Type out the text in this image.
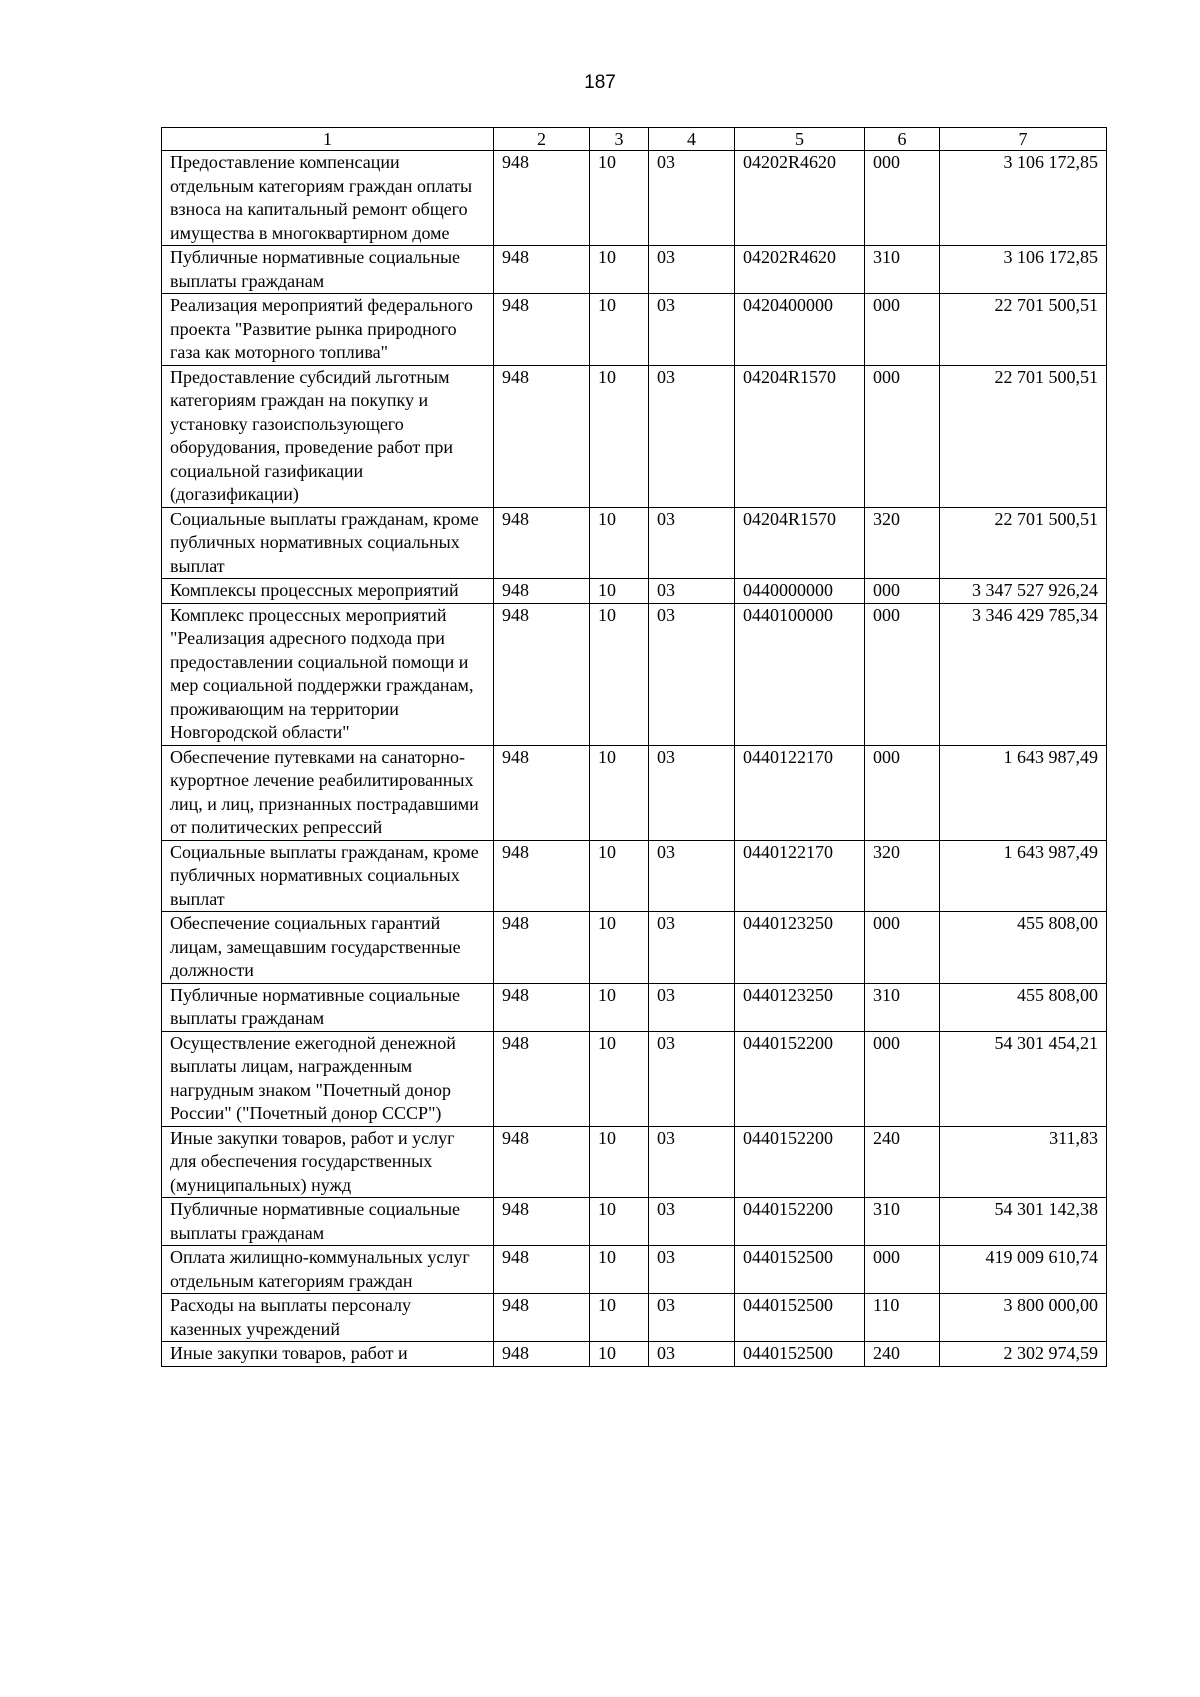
187
1	2	3	4	5	6	7
Предоставление компенсации отдельным категориям граждан оплаты взноса на капитальный ремонт общего имущества в многоквартирном доме	948	10	03	04202R4620	000	3 106 172,85
Публичные нормативные социальные выплаты гражданам	948	10	03	04202R4620	310	3 106 172,85
Реализация мероприятий федерального проекта "Развитие рынка природного газа как моторного топлива"	948	10	03	0420400000	000	22 701 500,51
Предоставление субсидий льготным категориям граждан на покупку и установку газоиспользующего оборудования, проведение работ при социальной газификации (догазификации)	948	10	03	04204R1570	000	22 701 500,51
Социальные выплаты гражданам, кроме публичных нормативных социальных выплат	948	10	03	04204R1570	320	22 701 500,51
Комплексы процессных мероприятий	948	10	03	0440000000	000	3 347 527 926,24
Комплекс процессных мероприятий "Реализация адресного подхода при предоставлении социальной помощи и мер социальной поддержки гражданам, проживающим на территории Новгородской области"	948	10	03	0440100000	000	3 346 429 785,34
Обеспечение путевками на санаторно-курортное лечение реабилитированных лиц, и лиц, признанных пострадавшими от политических репрессий	948	10	03	0440122170	000	1 643 987,49
Социальные выплаты гражданам, кроме публичных нормативных социальных выплат	948	10	03	0440122170	320	1 643 987,49
Обеспечение социальных гарантий лицам, замещавшим государственные должности	948	10	03	0440123250	000	455 808,00
Публичные нормативные социальные выплаты гражданам	948	10	03	0440123250	310	455 808,00
Осуществление ежегодной денежной выплаты лицам, награжденным нагрудным знаком "Почетный донор России" ("Почетный донор СССР")	948	10	03	0440152200	000	54 301 454,21
Иные закупки товаров, работ и услуг для обеспечения государственных (муниципальных) нужд	948	10	03	0440152200	240	311,83
Публичные нормативные социальные выплаты гражданам	948	10	03	0440152200	310	54 301 142,38
Оплата жилищно-коммунальных услуг отдельным категориям граждан	948	10	03	0440152500	000	419 009 610,74
Расходы на выплаты персоналу казенных учреждений	948	10	03	0440152500	110	3 800 000,00
Иные закупки товаров, работ и	948	10	03	0440152500	240	2 302 974,59
